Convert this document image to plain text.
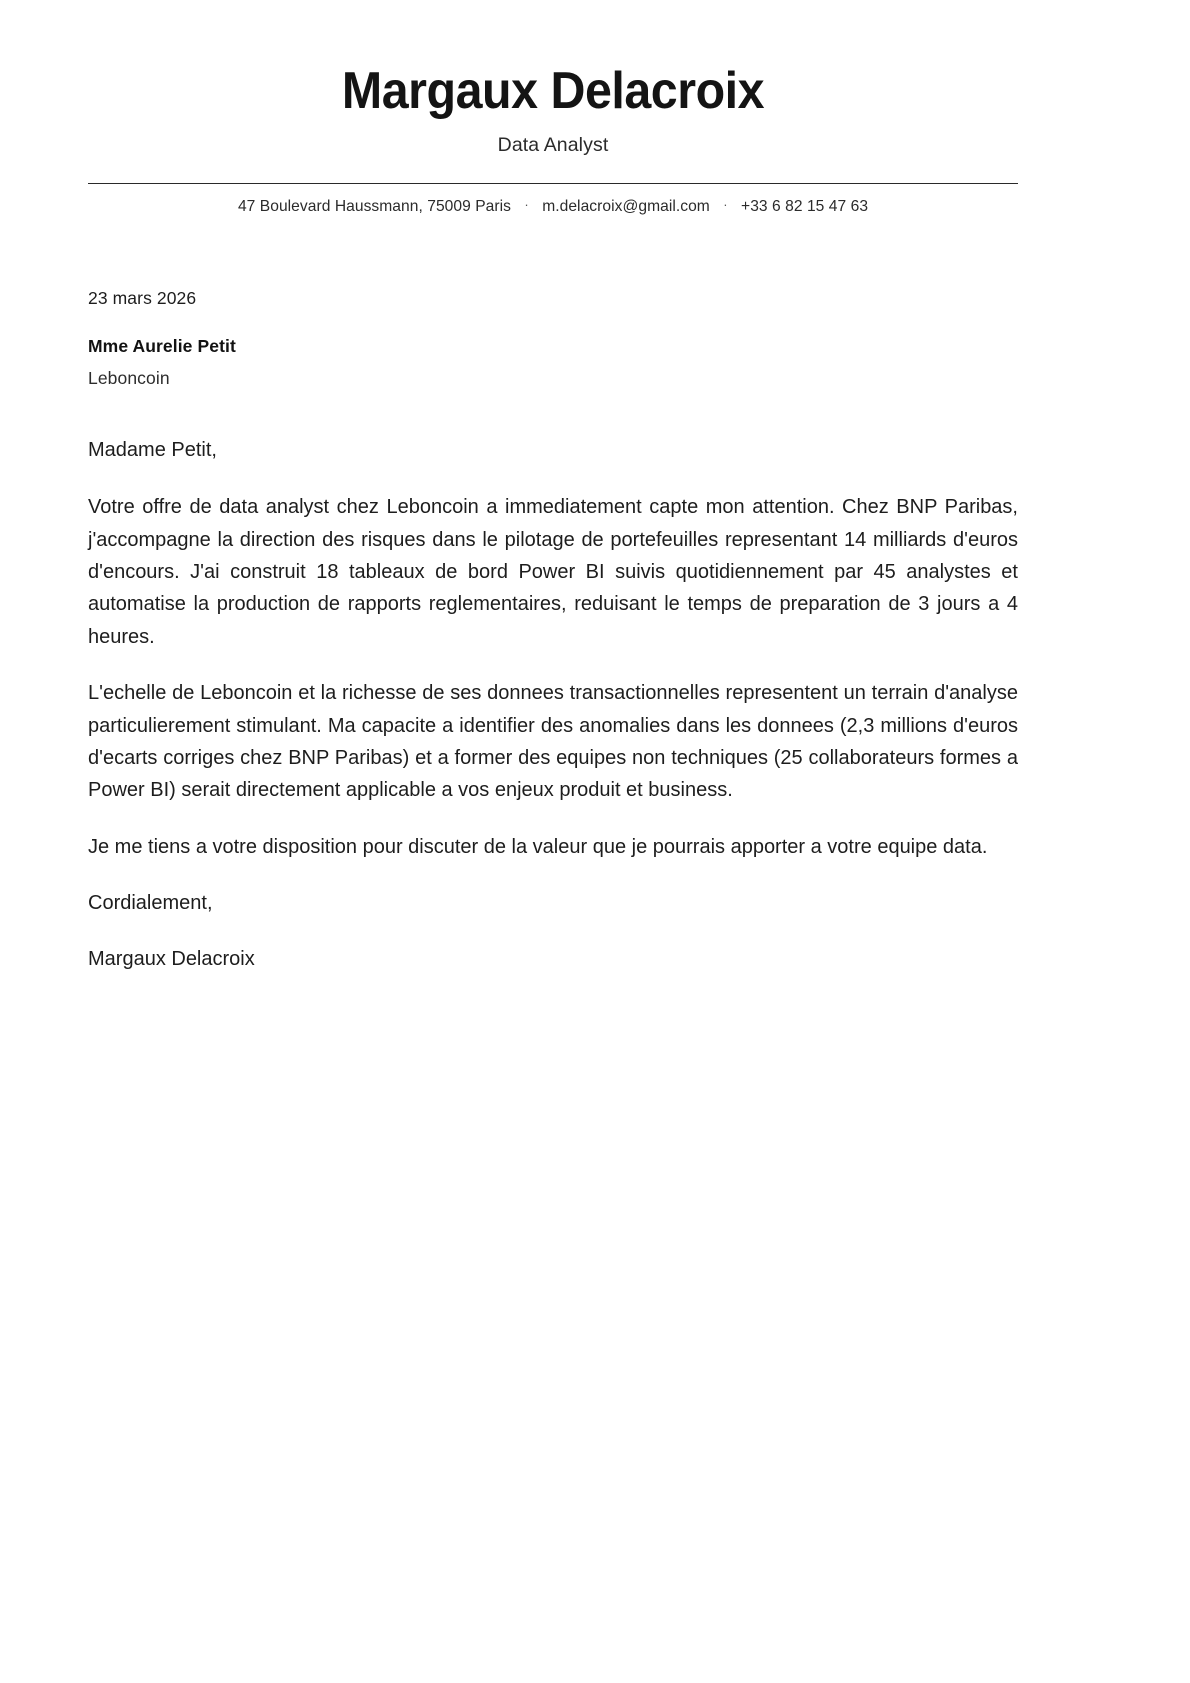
Margaux Delacroix
Data Analyst
47 Boulevard Haussmann, 75009 Paris · m.delacroix@gmail.com · +33 6 82 15 47 63
23 mars 2026
Mme Aurelie Petit
Leboncoin

Madame Petit,

Votre offre de data analyst chez Leboncoin a immediatement capte mon attention. Chez BNP Paribas, j'accompagne la direction des risques dans le pilotage de portefeuilles representant 14 milliards d'euros d'encours. J'ai construit 18 tableaux de bord Power BI suivis quotidiennement par 45 analystes et automatise la production de rapports reglementaires, reduisant le temps de preparation de 3 jours a 4 heures.

L'echelle de Leboncoin et la richesse de ses donnees transactionnelles representent un terrain d'analyse particulierement stimulant. Ma capacite a identifier des anomalies dans les donnees (2,3 millions d'euros d'ecarts corriges chez BNP Paribas) et a former des equipes non techniques (25 collaborateurs formes a Power BI) serait directement applicable a vos enjeux produit et business.

Je me tiens a votre disposition pour discuter de la valeur que je pourrais apporter a votre equipe data.

Cordialement,

Margaux Delacroix
